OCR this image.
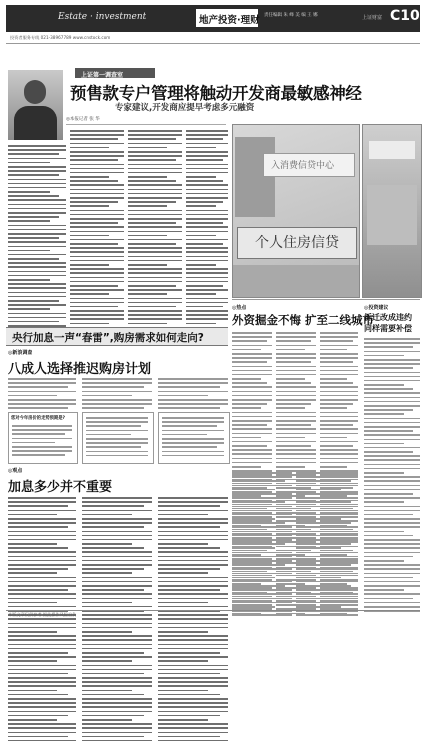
Estate · investment	地产投资·理财 责任编辑 朱 峰 美 编 王 娜	上证财富 C10
投资者服务专线 021-38967789 www.cnstock.com
上证第一调查室
预售款专户管理将触动开发商最敏感神经
专家建议,开发商应提早考虑多元融资
◎本报记者 张 华
入消费信贷中心
个人住房信贷
◎热点
外资掘金不悔 扩至二线城市
◎投资建议
拆迁改成违约
同样需要补偿
央行加息一声“春雷”,购房需求如何走向?
◎新浪调查
八成人选择推迟购房计划
您对今年房价的走势预期是?
◎观点
加息多少并不重要
本版文章仅供参考 据此操作风险自负
